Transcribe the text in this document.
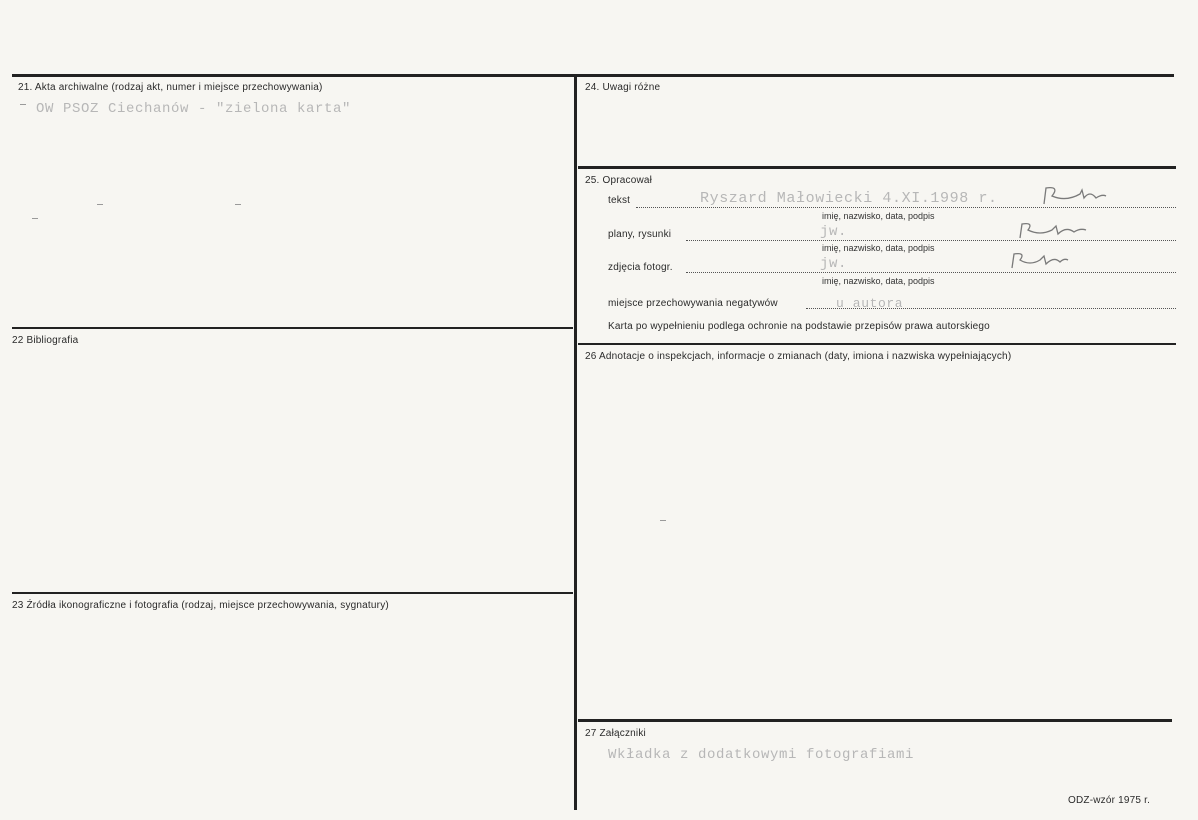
21. Akta archiwalne (rodzaj akt, numer i miejsce przechowywania)
OW PSOZ Ciechanów - "zielona karta"
22 Bibliografia
23 Źródła ikonograficzne i fotografia (rodzaj, miejsce przechowywania, sygnatury)
24. Uwagi różne
25. Opracował
tekst	Ryszard Małowiecki 4.XI.1998 r.
imię, nazwisko, data, podpis
plany, rysunki	jw.
imię, nazwisko, data, podpis
zdjęcia fotogr.	jw.
imię, nazwisko, data, podpis
miejsce przechowywania negatywów	u autora
Karta po wypełnieniu podlega ochronie na podstawie przepisów prawa autorskiego
26 Adnotacje o inspekcjach, informacje o zmianach (daty, imiona i nazwiska wypełniających)
27 Załączniki
Wkładka z dodatkowymi fotografiami
ODZ-wzór 1975 r.
